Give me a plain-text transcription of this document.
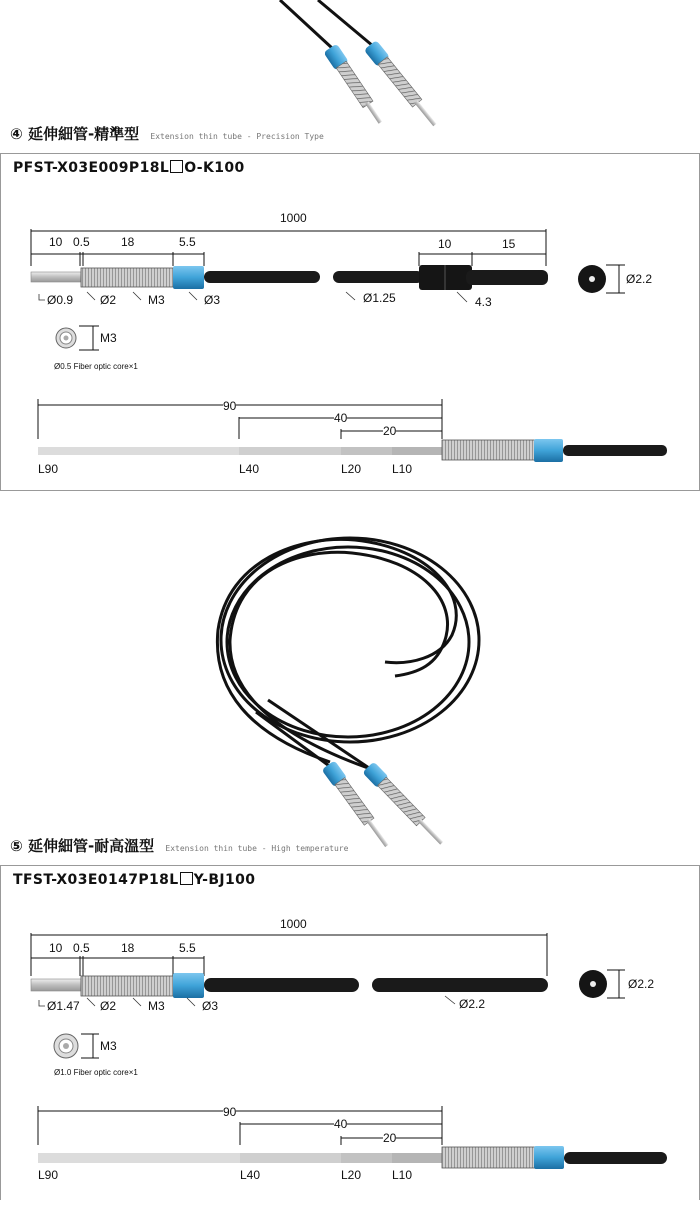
④ 延伸細管-精準型 Extension thin tube - Precision Type
PFST-X03E009P18L O-K100
1000
10 0.5	18	5.5	10	15
Ø0.9 Ø2	M3	Ø3	Ø1.25	4.3
Ø2.2
M3
Ø0.5 Fiber optic core×1
90
40
20
L90	L40	L20	L10
⑤ 延伸細管-耐高溫型 Extension thin tube - High temperature
TFST-X03E0147P18L Y-BJ100
1000
10 0.5	18	5.5
Ø1.47 Ø2	M3	Ø3	Ø2.2
Ø2.2
M3
Ø1.0 Fiber optic core×1
90
40
20
L90	L40	L20	L10
